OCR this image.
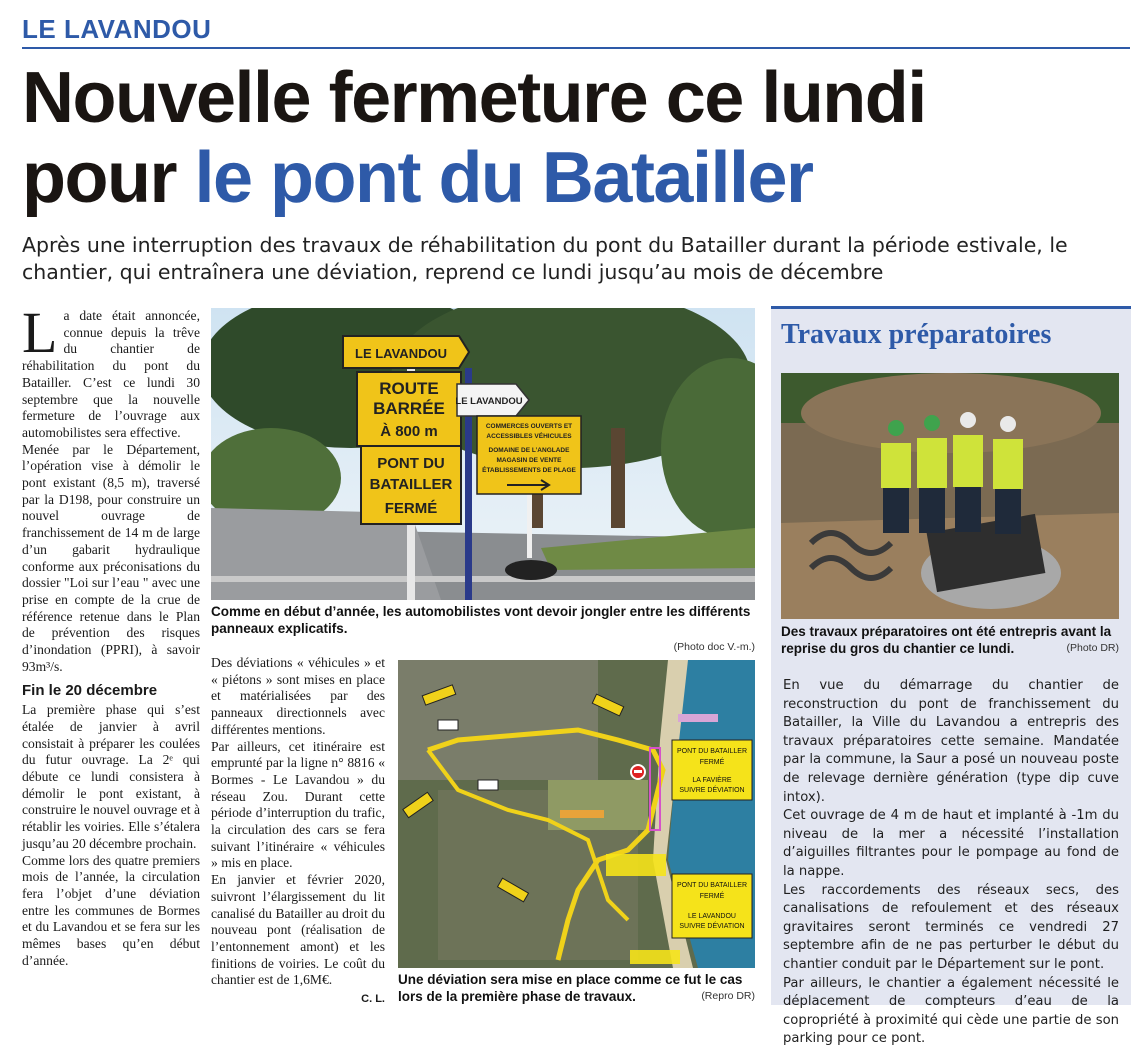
LE LAVANDOU
Nouvelle fermeture ce lundi
pour le pont du Batailler
Après une interruption des travaux de réhabilitation du pont du Batailler durant la période estivale, le chantier, qui entraînera une déviation, reprend ce lundi jusqu’au mois de décembre

La date était annoncée, connue depuis la trêve du chantier de réhabilitation du pont du Batailler. C’est ce lundi 30 septembre que la nouvelle fermeture de l’ouvrage aux automobilistes sera effective.

Menée par le Département, l’opération vise à démolir le pont existant (8,5 m), traversé par la D198, pour construire un nouvel ouvrage de franchissement de 14 m de large d’un gabarit hydraulique conforme aux préconisations du dossier "Loi sur l’eau " avec une prise en compte de la crue de référence retenue dans le Plan de prévention des risques d’inondation (PPRI), à savoir 93m³/s.

Fin le 20 décembre

La première phase qui s’est étalée de janvier à avril consistait à préparer les coulées du futur ouvrage. La 2ᵉ qui débute ce lundi consistera à démolir le pont existant, à construire le nouvel ouvrage et à rétablir les voiries. Elle s’étalera jusqu’au 20 décembre prochain.

Comme lors des quatre premiers mois de l’année, la circulation fera l’objet d’une déviation entre les communes de Bormes et du Lavandou et se fera sur les mêmes bases qu’en début d’année.

LE LAVANDOU
ROUTE
BARRÉE
À 800 m
PONT DU
BATAILLER
FERMÉ
LE LAVANDOU
COMMERCES OUVERTS ET
ACCESSIBLES VÉHICULES
DOMAINE DE L’ANGLADE
MAGASIN DE VENTE
ÉTABLISSEMENTS DE PLAGE
Comme en début d’année, les automobilistes vont devoir jongler entre les différents panneaux explicatifs.
(Photo doc V.-m.)

Des déviations « véhicules » et « piétons » sont mises en place et matérialisées par des panneaux directionnels avec différentes mentions.

Par ailleurs, cet itinéraire est emprunté par la ligne n° 8816 « Bormes - Le Lavandou » du réseau Zou. Durant cette période d’interruption du trafic, la circulation des cars se fera suivant l’itinéraire « véhicules » mis en place.

En janvier et février 2020, suivront l’élargissement du lit canalisé du Batailler au droit du nouveau pont (réalisation de l’entonnement amont) et les finitions de voiries. Le coût du chantier est de 1,6M€.

C. L.
PONT DU BATAILLER
FERMÉ
LA FAVIÈRE
SUIVRE DÉVIATION
PONT DU BATAILLER
FERMÉ
LE LAVANDOU
SUIVRE DÉVIATION
Une déviation sera mise en place comme ce fut le cas lors de la première phase de travaux.	(Repro DR)
Travaux préparatoires
Des travaux préparatoires ont été entrepris avant la reprise du gros du chantier ce lundi.	(Photo DR)

En vue du démarrage du chantier de reconstruction du pont de franchissement du Batailler, la Ville du Lavandou a entrepris des travaux préparatoires cette semaine. Mandatée par la commune, la Saur a posé un nouveau poste de relevage dernière génération (type dip cuve intox).

Cet ouvrage de 4 m de haut et implanté à -1m du niveau de la mer a nécessité l’installation d’aiguilles filtrantes pour le pompage au fond de la nappe.

Les raccordements des réseaux secs, des canalisations de refoulement et des réseaux gravitaires seront terminés ce vendredi 27 septembre afin de ne pas perturber le début du chantier conduit par le Département sur le pont.

Par ailleurs, le chantier a également nécessité le déplacement de compteurs d’eau de la copropriété à proximité qui cède une partie de son parking pour ce pont.
